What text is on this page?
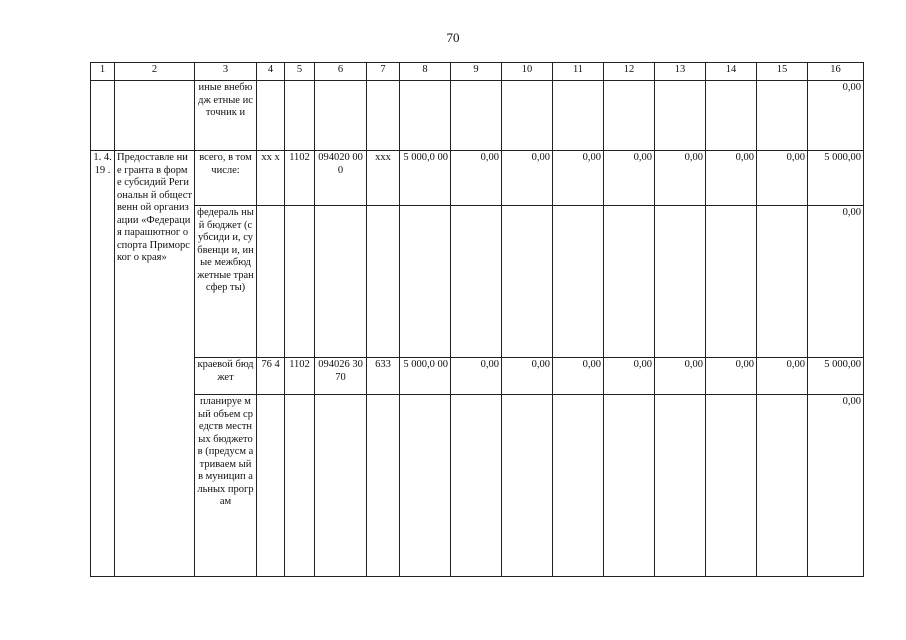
70
1	2	3	4	5	6	7	8	9	10	11	12	13	14	15	16
		иные внебюдж етные источник и													0,00
1. 4. 19 .	Предоставле ние гранта в форме субсидий Региональн й общественн ой организации «Федерация парашютног о спорта Приморског о края»	всего, в том числе:	хх х	1102	094020 000	ххх	5 000,0 00	0,00	0,00	0,00	0,00	0,00	0,00	0,00	5 000,00
		федераль ный бюджет (субсиди и, субвенци и, иные межбюд жетные трансфер ты)													0,00
		краевой бюджет	76 4	1102	094026 3070	633	5 000,0 00	0,00	0,00	0,00	0,00	0,00	0,00	0,00	5 000,00
		планируе мый объем средств местных бюджето в (предусм атриваем ый в муницип альных програм													0,00
